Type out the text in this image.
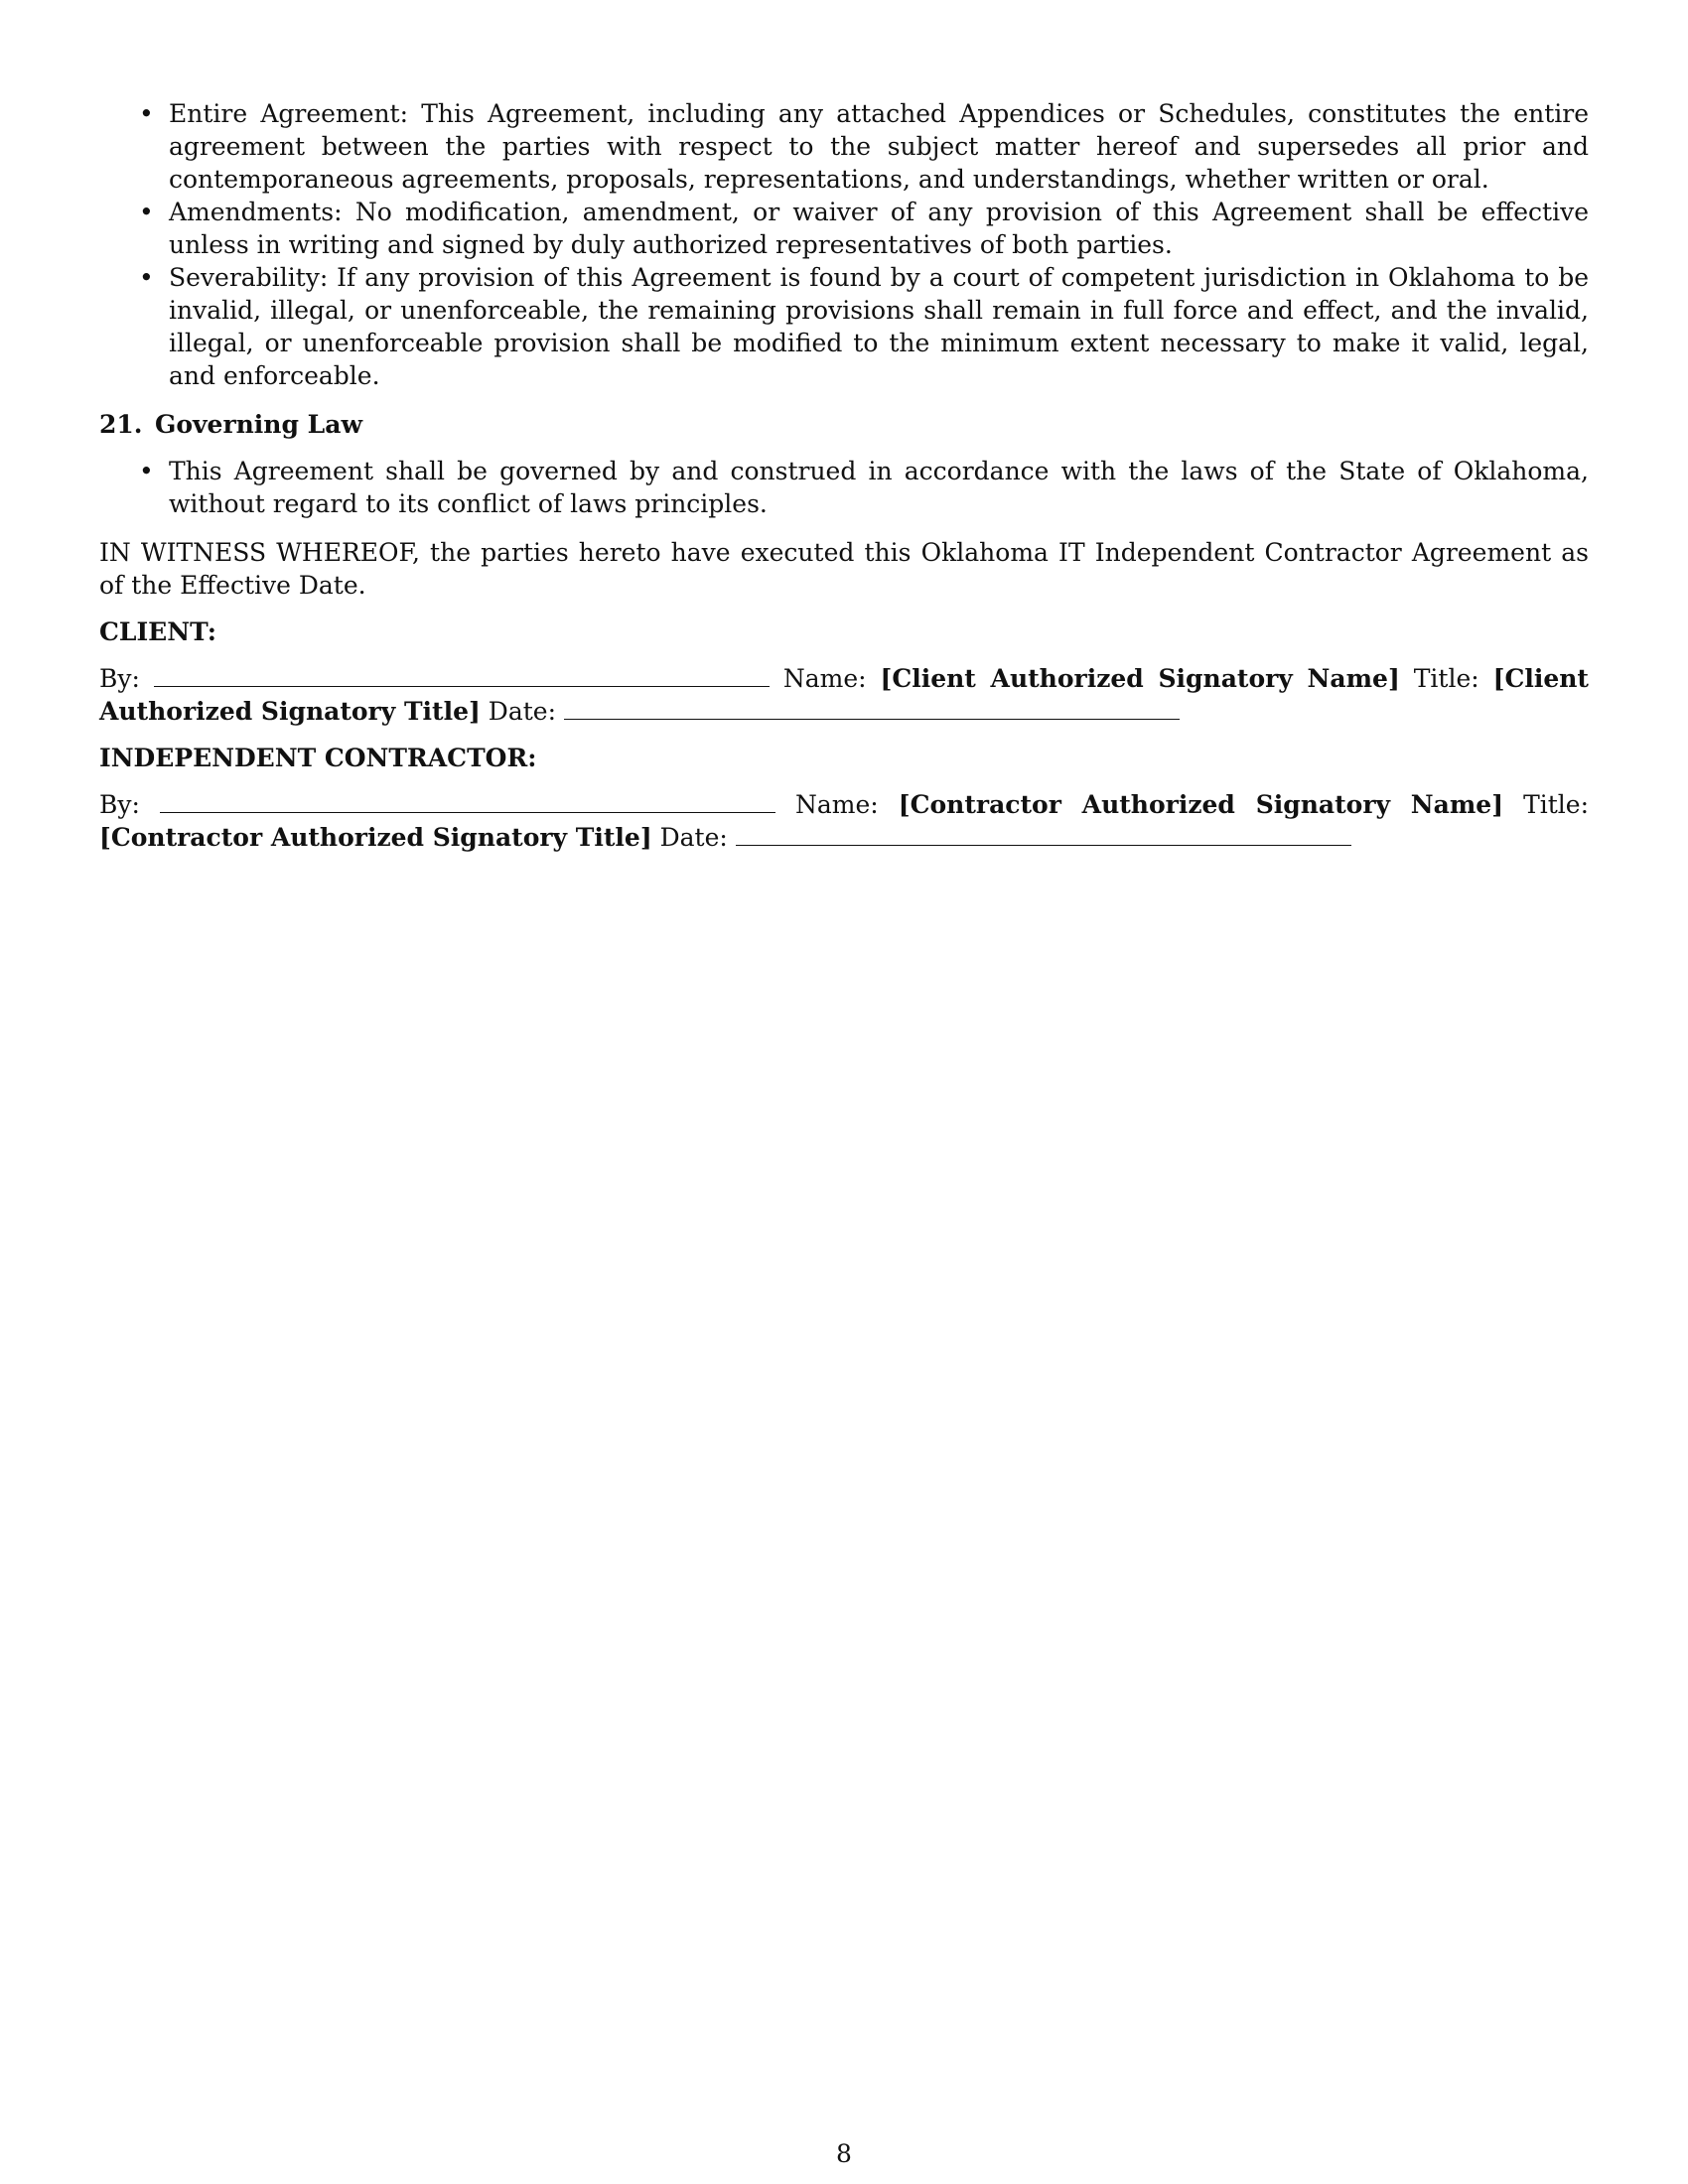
• Entire Agreement: This Agreement, including any attached Appendices or Schedules, constitutes the entire agreement between the parties with respect to the subject matter hereof and supersedes all prior and contemporaneous agreements, proposals, representations, and understandings, whether written or oral.
• Amendments: No modification, amendment, or waiver of any provision of this Agreement shall be effective unless in writing and signed by duly authorized representatives of both parties.
• Severability: If any provision of this Agreement is found by a court of competent jurisdiction in Oklahoma to be invalid, illegal, or unenforceable, the remaining provisions shall remain in full force and effect, and the invalid, illegal, or unenforceable provision shall be modified to the minimum extent necessary to make it valid, legal, and enforceable.
21. Governing Law
• This Agreement shall be governed by and construed in accordance with the laws of the State of Oklahoma, without regard to its conflict of laws principles.

IN WITNESS WHEREOF, the parties hereto have executed this Oklahoma IT Independent Contractor Agreement as of the Effective Date.

CLIENT:

By:	Name: [Client Authorized Signatory Name] Title: [Client Authorized Signatory Title] Date:

INDEPENDENT CONTRACTOR:

By:	Name: [Contractor Authorized Signatory Name] Title: [Contractor Authorized Signatory Title] Date:

8
